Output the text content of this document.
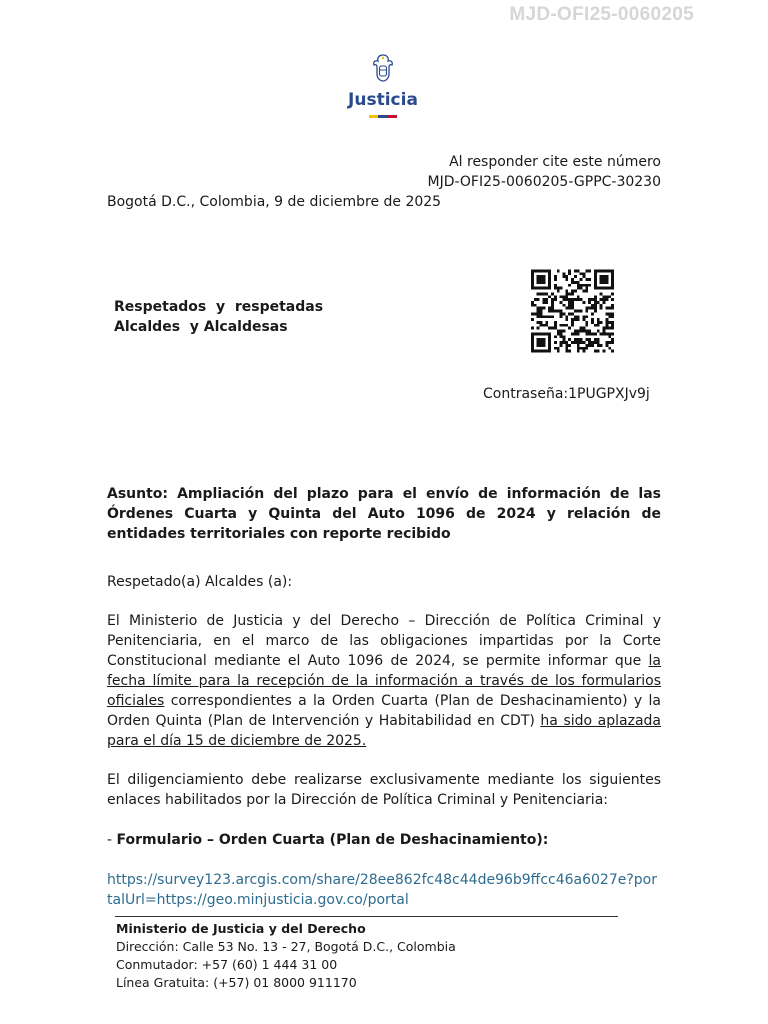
MJD-OFI25-0060205
Justicia
Al responder cite este número
MJD-OFI25-0060205-GPPC-30230
Bogotá D.C., Colombia, 9 de diciembre de 2025
Respetados  y  respetadas
Alcaldes  y Alcaldesas
Contraseña:1PUGPXJv9j
Asunto: Ampliación del plazo para el envío de información de las Órdenes Cuarta y Quinta del Auto 1096 de 2024 y relación de entidades territoriales con reporte recibido
Respetado(a) Alcaldes (a):
El Ministerio de Justicia y del Derecho – Dirección de Política Criminal y Penitenciaria, en el marco de las obligaciones impartidas por la Corte Constitucional mediante el Auto 1096 de 2024, se permite informar que la fecha límite para la recepción de la información a través de los formularios oficiales correspondientes a la Orden Cuarta (Plan de Deshacinamiento) y la Orden Quinta (Plan de Intervención y Habitabilidad en CDT) ha sido aplazada para el día 15 de diciembre de 2025.
El diligenciamiento debe realizarse exclusivamente mediante los siguientes enlaces habilitados por la Dirección de Política Criminal y Penitenciaria:
- Formulario – Orden Cuarta (Plan de Deshacinamiento):
https://survey123.arcgis.com/share/28ee862fc48c44de96b9ffcc46a6027e?portalUrl=https://geo.minjusticia.gov.co/portal
Ministerio de Justicia y del Derecho
Dirección: Calle 53 No. 13 - 27, Bogotá D.C., Colombia
Conmutador: +57 (60) 1 444 31 00
Línea Gratuita: (+57) 01 8000 911170
